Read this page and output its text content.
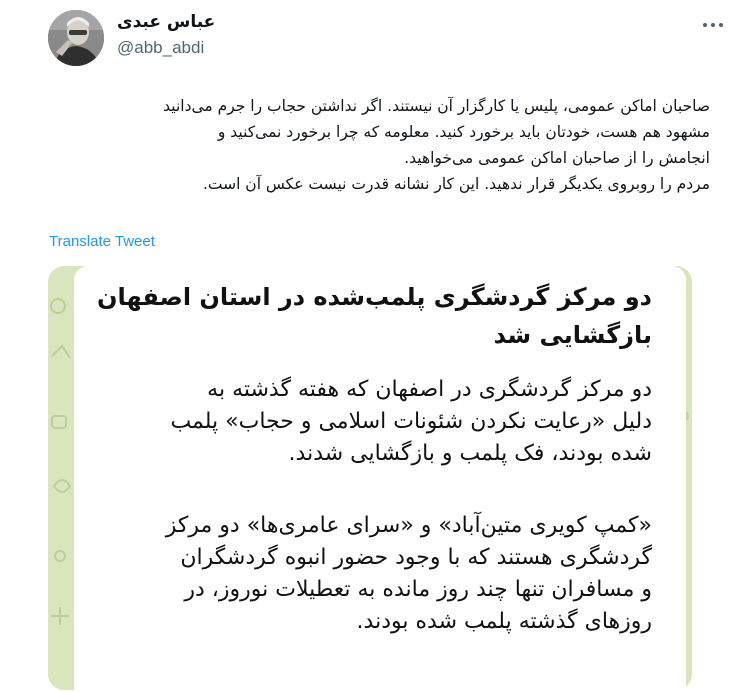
عباس عبدی
@abb_abdi
صاحبان اماکن عمومی، پلیس یا کارگزار آن نیستند. اگر نداشتن حجاب را جرم می‌دانید
مشهود هم هست، خودتان باید برخورد کنید. معلومه که چرا برخورد نمی‌کنید و
انجامش را از صاحبان اماکن عمومی می‌خواهید.
مردم را روبروی یکدیگر قرار ندهید. این کار نشانه قدرت نیست عکس آن است.
Translate Tweet
دو مرکز گردشگری پلمب‌شده در استان اصفهان
بازگشایی شد
دو مرکز گردشگری در اصفهان که هفته گذشته به
دلیل «رعایت نکردن شئونات اسلامی و حجاب» پلمب
شده بودند، فک پلمب و بازگشایی شدند.
«کمپ کویری متین‌آباد» و «سرای عامری‌ها» دو مرکز
گردشگری هستند که با وجود حضور انبوه گردشگران
و مسافران تنها چند روز مانده به تعطیلات نوروز، در
روزهای گذشته پلمب شده بودند.
